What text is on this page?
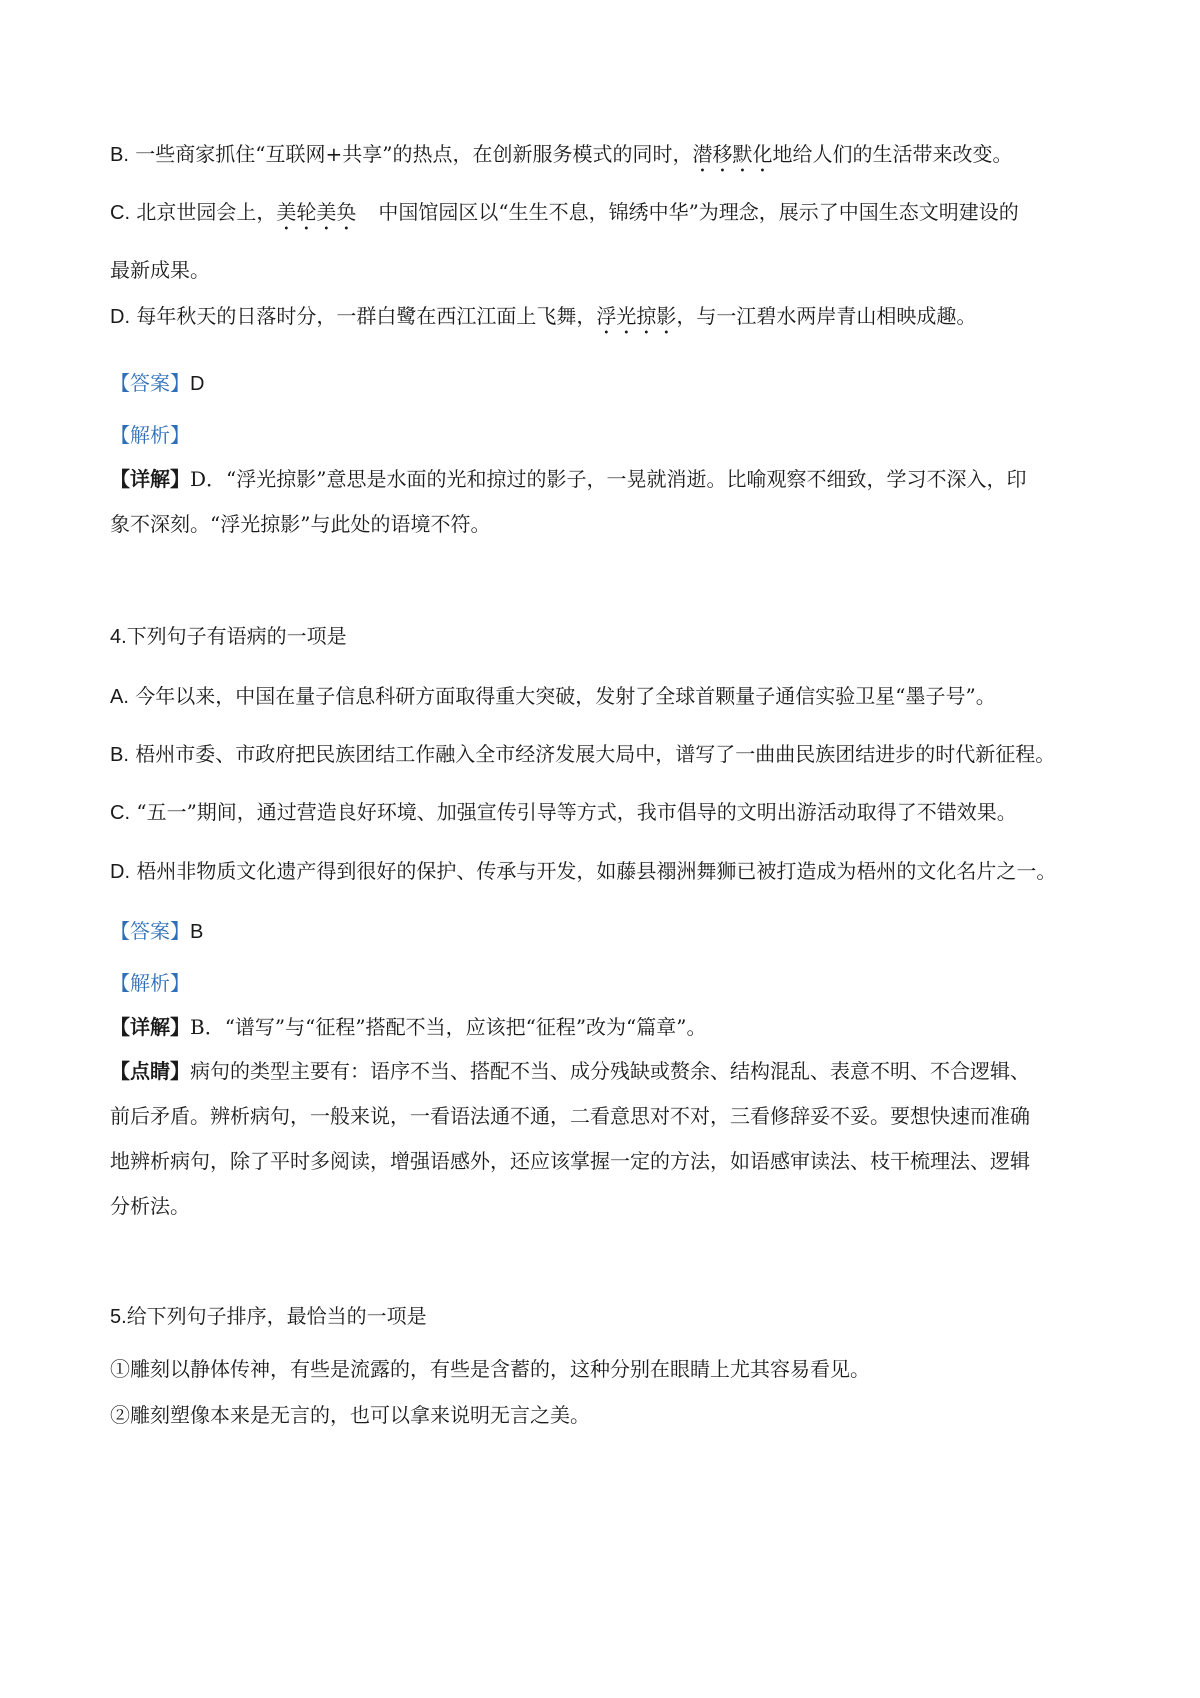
B. 一些商家抓住“互联网+共享”的热点，在创新服务模式的同时，潜移默化地给人们的生活带来改变。
C. 北京世园会上，美轮美奂 中国馆园区以“生生不息，锦绣中华”为理念，展示了中国生态文明建设的
最新成果。
D. 每年秋天的日落时分，一群白鹭在西江江面上飞舞，浮光掠影，与一江碧水两岸青山相映成趣。
【答案】D
【解析】
【详解】D．“浮光掠影”意思是水面的光和掠过的影子，一晃就消逝。比喻观察不细致，学习不深入，印
象不深刻。“浮光掠影”与此处的语境不符。
4.下列句子有语病的一项是
A. 今年以来，中国在量子信息科研方面取得重大突破，发射了全球首颗量子通信实验卫星“墨子号”。
B. 梧州市委、市政府把民族团结工作融入全市经济发展大局中，谱写了一曲曲民族团结进步的时代新征程。
C. “五一”期间，通过营造良好环境、加强宣传引导等方式，我市倡导的文明出游活动取得了不错效果。
D. 梧州非物质文化遗产得到很好的保护、传承与开发，如藤县禤洲舞狮已被打造成为梧州的文化名片之一。
【答案】B
【解析】
【详解】B．“谱写”与“征程”搭配不当，应该把“征程”改为“篇章”。
【点睛】病句的类型主要有：语序不当、搭配不当、成分残缺或赘余、结构混乱、表意不明、不合逻辑、
前后矛盾。辨析病句，一般来说，一看语法通不通，二看意思对不对，三看修辞妥不妥。要想快速而准确
地辨析病句，除了平时多阅读，增强语感外，还应该掌握一定的方法，如语感审读法、枝干梳理法、逻辑
分析法。
5.给下列句子排序，最恰当的一项是
①雕刻以静体传神，有些是流露的，有些是含蓄的，这种分别在眼睛上尤其容易看见。
②雕刻塑像本来是无言的，也可以拿来说明无言之美。
